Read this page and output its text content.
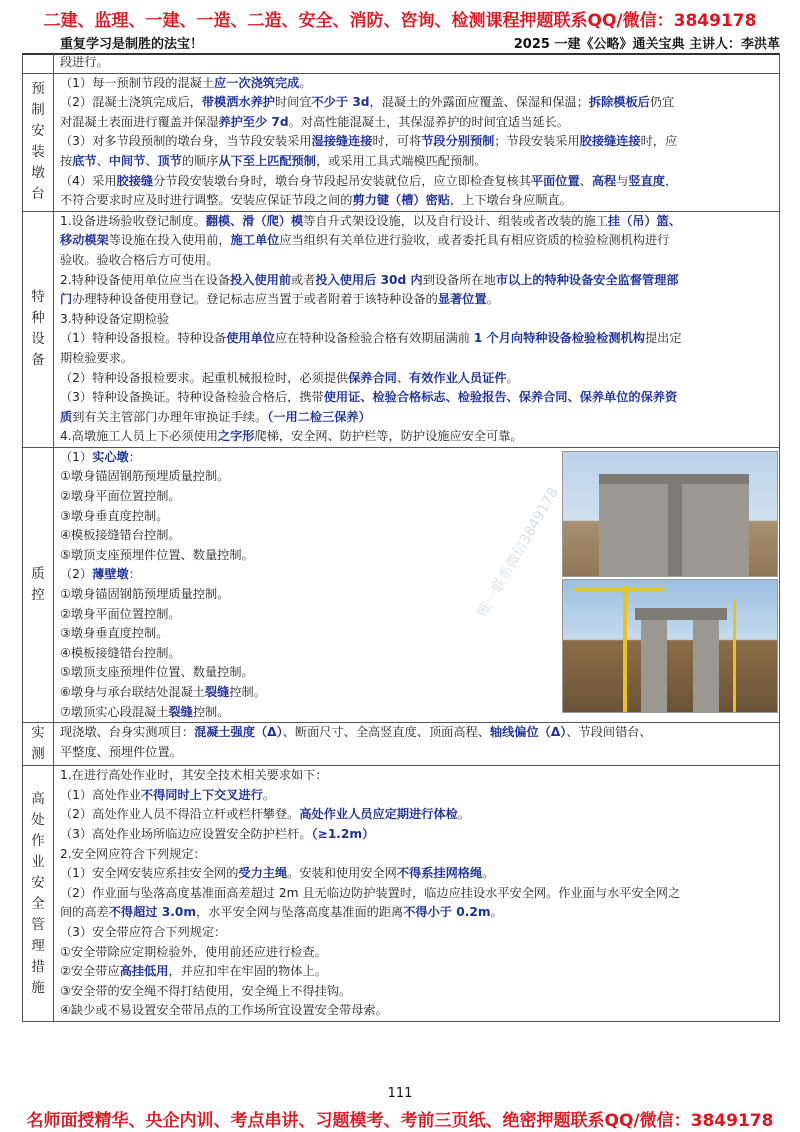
二建、监理、一建、一造、二造、安全、消防、咨询、检测课程押题联系QQ/微信：3849178
重复学习是制胜的法宝！	2025 一建《公略》通关宝典 主讲人：李洪革
段进行。
预
制
安
装
墩
台
（1）每一预制节段的混凝土应一次浇筑完成。
（2）混凝土浇筑完成后，带模洒水养护时间宜不少于 3d，混凝土的外露面应覆盖、保湿和保温；拆除模板后仍宜
对混凝土表面进行覆盖并保湿养护至少 7d。对高性能混凝土，其保湿养护的时间宜适当延长。
（3）对多节段预制的墩台身，当节段安装采用湿接缝连接时，可将节段分别预制；节段安装采用胶接缝连接时，应
按底节、中间节、顶节的顺序从下至上匹配预制，或采用工具式端模匹配预制。
（4）采用胶接缝分节段安装墩台身时，墩台身节段起吊安装就位后，应立即检查复核其平面位置、高程与竖直度，
不符合要求时应及时进行调整。安装应保证节段之间的剪力键（槽）密贴，上下墩台身应顺直。
特
种
设
备
1.设备进场验收登记制度。翻模、滑（爬）模等自升式架设设施，以及自行设计、组装或者改装的施工挂（吊）篮、
移动模架等设施在投入使用前，施工单位应当组织有关单位进行验收，或者委托具有相应资质的检验检测机构进行
验收。验收合格后方可使用。
2.特种设备使用单位应当在设备投入使用前或者投入使用后 30d 内到设备所在地市以上的特种设备安全监督管理部
门办理特种设备使用登记。登记标志应当置于或者附着于该特种设备的显著位置。
3.特种设备定期检验
（1）特种设备报检。特种设备使用单位应在特种设备检验合格有效期届满前 1 个月向特种设备检验检测机构提出定
期检验要求。
（2）特种设备报检要求。起重机械报检时，必须提供保养合同、有效作业人员证件。
（3）特种设备换证。特种设备检验合格后，携带使用证、检验合格标志、检验报告、保养合同、保养单位的保养资
质到有关主管部门办理年审换证手续。（一用二检三保养）
4.高墩施工人员上下必须使用之字形爬梯，安全网、防护栏等，防护设施应安全可靠。
质
控	唯一联系微信3849178
（1）实心墩：
①墩身锚固钢筋预埋质量控制。
②墩身平面位置控制。
③墩身垂直度控制。
④模板接缝错台控制。
⑤墩顶支座预埋件位置、数量控制。
（2）薄壁墩：
①墩身锚固钢筋预埋质量控制。
②墩身平面位置控制。
③墩身垂直度控制。
④模板接缝错台控制。
⑤墩顶支座预埋件位置、数量控制。
⑥墩身与承台联结处混凝土裂缝控制。
⑦墩顶实心段混凝土裂缝控制。
实
测
现浇墩、台身实测项目：混凝土强度（Δ）、断面尺寸、全高竖直度、顶面高程、轴线偏位（Δ）、节段间错台、
平整度、预埋件位置。
高
处
作
业
安
全
管
理
措
施
1.在进行高处作业时，其安全技术相关要求如下：
（1）高处作业不得同时上下交叉进行。
（2）高处作业人员不得沿立杆或栏杆攀登。高处作业人员应定期进行体检。
（3）高处作业场所临边应设置安全防护栏杆。（≥1.2m）
2.安全网应符合下列规定：
（1）安全网安装应系挂安全网的受力主绳。安装和使用安全网不得系挂网格绳。
（2）作业面与坠落高度基准面高差超过 2m 且无临边防护装置时，临边应挂设水平安全网。作业面与水平安全网之
间的高差不得超过 3.0m，水平安全网与坠落高度基准面的距离不得小于 0.2m。
（3）安全带应符合下列规定：
①安全带除应定期检验外，使用前还应进行检查。
②安全带应高挂低用，并应扣牢在牢固的物体上。
③安全带的安全绳不得打结使用，安全绳上不得挂钩。
④缺少或不易设置安全带吊点的工作场所宜设置安全带母索。
111
名师面授精华、央企内训、考点串讲、习题模考、考前三页纸、绝密押题联系QQ/微信：3849178
